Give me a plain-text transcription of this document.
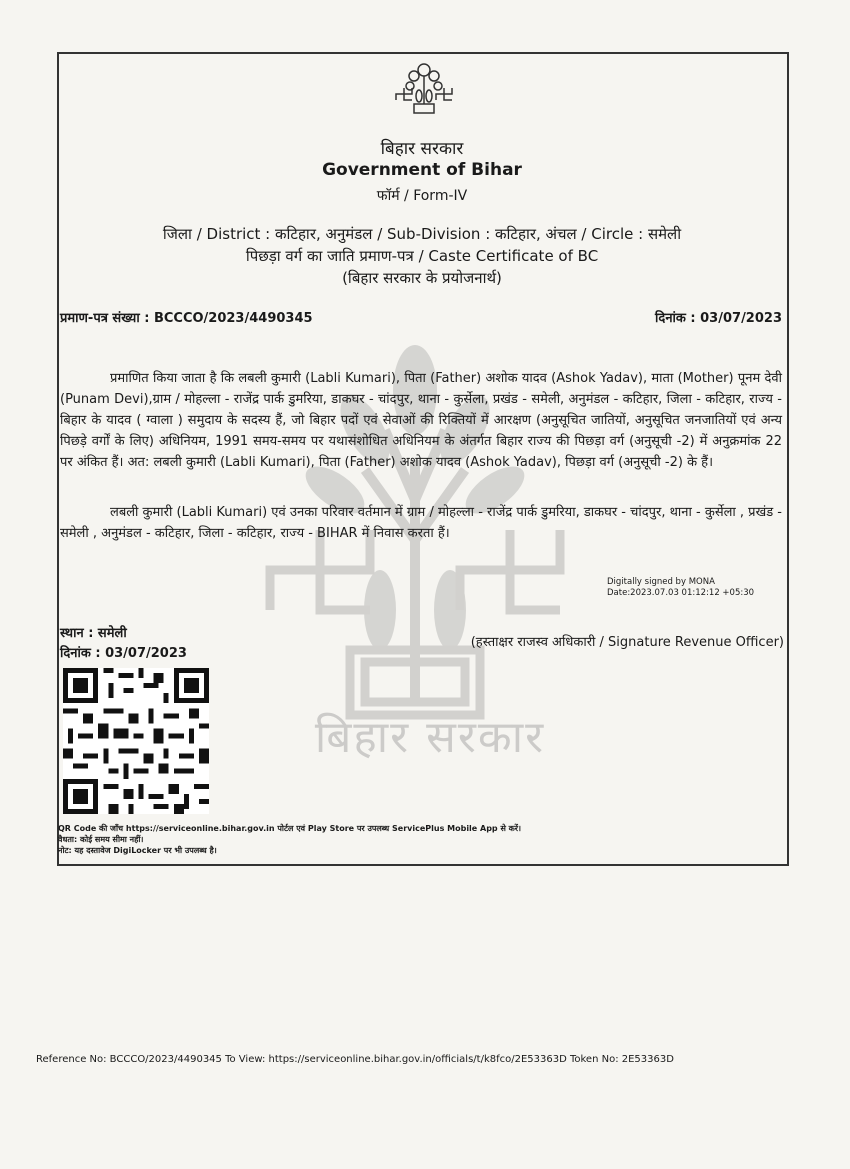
बिहार सरकार
बिहार सरकार
Government of Bihar
फॉर्म / Form-IV
जिला / District : कटिहार, अनुमंडल / Sub-Division : कटिहार, अंचल / Circle : समेली
पिछड़ा वर्ग का जाति प्रमाण-पत्र / Caste Certificate of BC
(बिहार सरकार के प्रयोजनार्थ)
प्रमाण-पत्र संख्या : BCCCO/2023/4490345	दिनांक : 03/07/2023
प्रमाणित किया जाता है कि लबली कुमारी (Labli Kumari), पिता (Father) अशोक यादव (Ashok Yadav), माता (Mother) पूनम देवी (Punam Devi),ग्राम / मोहल्ला - राजेंद्र पार्क डुमरिया, डाकघर - चांदपुर, थाना - कुर्सेला, प्रखंड - समेली, अनुमंडल - कटिहार, जिला - कटिहार, राज्य - बिहार के यादव ( ग्वाला ) समुदाय के सदस्य हैं, जो बिहार पदों एवं सेवाओं की रिक्तियों में आरक्षण (अनुसूचित जातियों, अनुसूचित जनजातियों एवं अन्य पिछड़े वर्गों के लिए) अधिनियम, 1991 समय-समय पर यथासंशोधित अधिनियम के अंतर्गत बिहार राज्य की पिछड़ा वर्ग (अनुसूची -2) में अनुक्रमांक 22 पर अंकित हैं। अत: लबली कुमारी (Labli Kumari), पिता (Father) अशोक यादव (Ashok Yadav), पिछड़ा वर्ग (अनुसूची -2) के हैं।
लबली कुमारी (Labli Kumari) एवं उनका परिवार वर्तमान में ग्राम / मोहल्ला - राजेंद्र पार्क डुमरिया, डाकघर - चांदपुर, थाना - कुर्सेला , प्रखंड - समेली , अनुमंडल - कटिहार, जिला - कटिहार, राज्य - BIHAR में निवास करता हैं।
Digitally signed by MONA
Date:2023.07.03 01:12:12 +05:30
स्थान : समेली
दिनांक : 03/07/2023
(हस्ताक्षर राजस्व अधिकारी / Signature Revenue Officer)
QR Code की जाँच https://serviceonline.bihar.gov.in पोर्टल एवं Play Store पर उपलब्ध ServicePlus Mobile App से करें।
वैधता: कोई समय सीमा नहीं।
नोट: यह दस्तावेज DigiLocker पर भी उपलब्ध है।
Reference No: BCCCO/2023/4490345 To View: https://serviceonline.bihar.gov.in/officials/t/k8fco/2E53363D Token No: 2E53363D
